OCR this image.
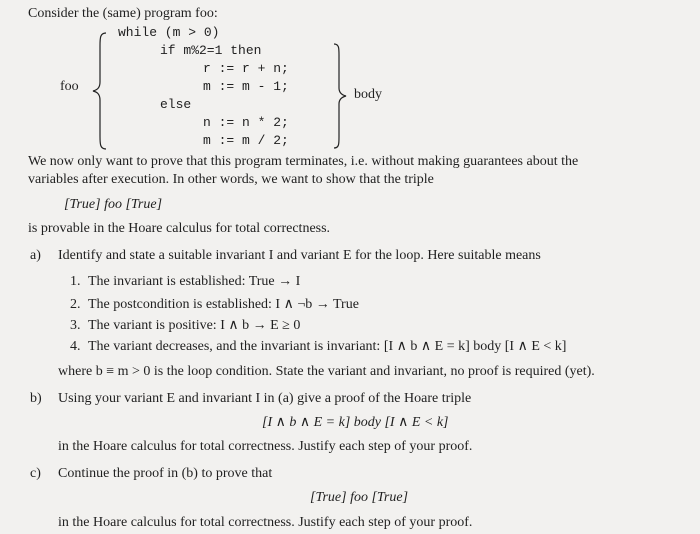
Consider the (same) program foo:
foo
while (m > 0)
if m%2=1 then
r := r + n;
m := m - 1;
else
n := n * 2;
m := m / 2;
body
We now only want to prove that this program terminates, i.e. without making guarantees about the
variables after execution. In other words, we want to show that the triple
[True] foo [True]
is provable in the Hoare calculus for total correctness.
a) Identify and state a suitable invariant I and variant E for the loop. Here suitable means
1. The invariant is established: True → I
2. The postcondition is established: I ∧ ¬b → True
3. The variant is positive: I ∧ b → E ≥ 0
4. The variant decreases, and the invariant is invariant: [I ∧ b ∧ E = k] body [I ∧ E < k]
where b ≡ m > 0 is the loop condition. State the variant and invariant, no proof is required (yet).
b) Using your variant E and invariant I in (a) give a proof of the Hoare triple
[I ∧ b ∧ E = k] body [I ∧ E < k]
in the Hoare calculus for total correctness. Justify each step of your proof.
c) Continue the proof in (b) to prove that
[True] foo [True]
in the Hoare calculus for total correctness. Justify each step of your proof.
